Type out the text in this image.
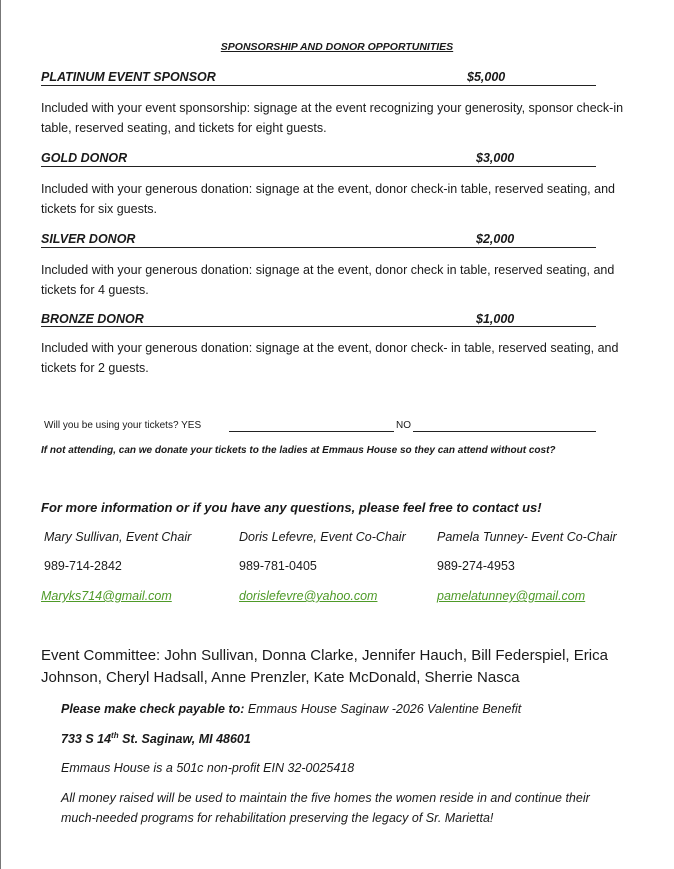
SPONSORSHIP AND DONOR OPPORTUNITIES
PLATINUM EVENT SPONSOR	$5,000
Included with your event sponsorship: signage at the event recognizing your generosity, sponsor check-in table, reserved seating, and tickets for eight guests.
GOLD DONOR	$3,000
Included with your generous donation: signage at the event, donor check-in table, reserved seating, and tickets for six guests.
SILVER DONOR	$2,000
Included with your generous donation: signage at the event, donor check in table, reserved seating, and tickets for 4 guests.
BRONZE DONOR	$1,000
Included with your generous donation: signage at the event, donor check- in table, reserved seating, and tickets for 2 guests.
Will you be using your tickets? YES	NO
If not attending, can we donate your tickets to the ladies at Emmaus House so they can attend without cost?
For more information or if you have any questions, please feel free to contact us!
Mary Sullivan, Event Chair	Doris Lefevre, Event Co-Chair	Pamela Tunney- Event Co-Chair
989-714-2842	989-781-0405	989-274-4953
Maryks714@gmail.com	dorislefevre@yahoo.com	pamelatunney@gmail.com
Event Committee: John Sullivan, Donna Clarke, Jennifer Hauch, Bill Federspiel, Erica Johnson, Cheryl Hadsall, Anne Prenzler, Kate McDonald, Sherrie Nasca
Please make check payable to: Emmaus House Saginaw -2026 Valentine Benefit
733 S 14th St. Saginaw, MI 48601
Emmaus House is a 501c non-profit EIN 32-0025418
All money raised will be used to maintain the five homes the women reside in and continue their much-needed programs for rehabilitation preserving the legacy of Sr. Marietta!
